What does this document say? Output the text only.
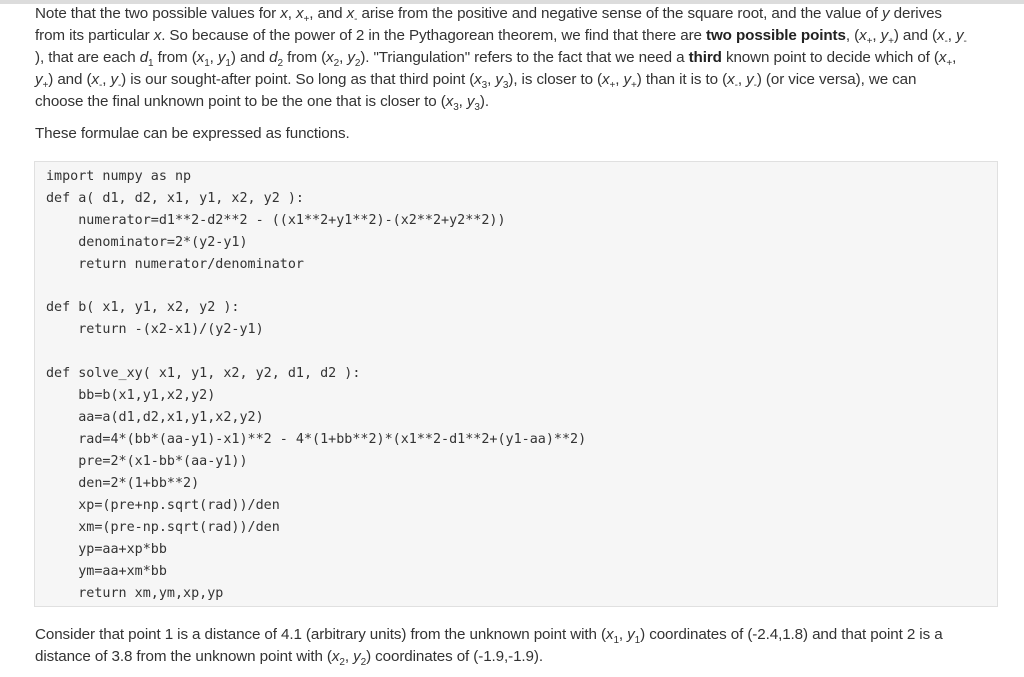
Note that the two possible values for x, $x_+$, and $x_-$ arise from the positive and negative sense of the square root, and the value of y derives
from its particular x. So because of the power of 2 in the Pythagorean theorem, we find that there are two possible points, ($x_+$, $y_+$) and ($x_-$, $y_-$
), that are each $d_1$ from ($x_1$, $y_1$) and $d_2$ from ($x_2$, $y_2$). "Triangulation" refers to the fact that we need a third known point to decide which of ($x_+$,
$y_+$) and ($x_-$, $y_-$) is our sought-after point. So long as that third point ($x_3$, $y_3$), is closer to ($x_+$, $y_+$) than it is to ($x_-$, $y_-$) (or vice versa), we can
choose the final unknown point to be the one that is closer to ($x_3$, $y_3$).
These formulae can be expressed as functions.
import numpy as np
def a( d1, d2, x1, y1, x2, y2 ):
numerator=d1**2-d2**2 - ((x1**2+y1**2)-(x2**2+y2**2))
denominator=2*(y2-y1)
return numerator/denominator
def b( x1, y1, x2, y2 ):
return -(x2-x1)/(y2-y1)
def solve_xy( x1, y1, x2, y2, d1, d2 ):
bb=b(x1,y1,x2,y2)
aa=a(d1,d2,x1,y1,x2,y2)
rad=4*(bb*(aa-y1)-x1)**2 - 4*(1+bb**2)*(x1**2-d1**2+(y1-aa)**2)
pre=2*(x1-bb*(aa-y1))
den=2*(1+bb**2)
xp=(pre+np.sqrt(rad))/den
xm=(pre-np.sqrt(rad))/den
yp=aa+xp*bb
ym=aa+xm*bb
return xm,ym,xp,yp
Consider that point 1 is a distance of 4.1 (arbitrary units) from the unknown point with ($x_1$, $y_1$) coordinates of (-2.4,1.8) and that point 2 is a
distance of 3.8 from the unknown point with ($x_2$, $y_2$) coordinates of (-1.9,-1.9).
